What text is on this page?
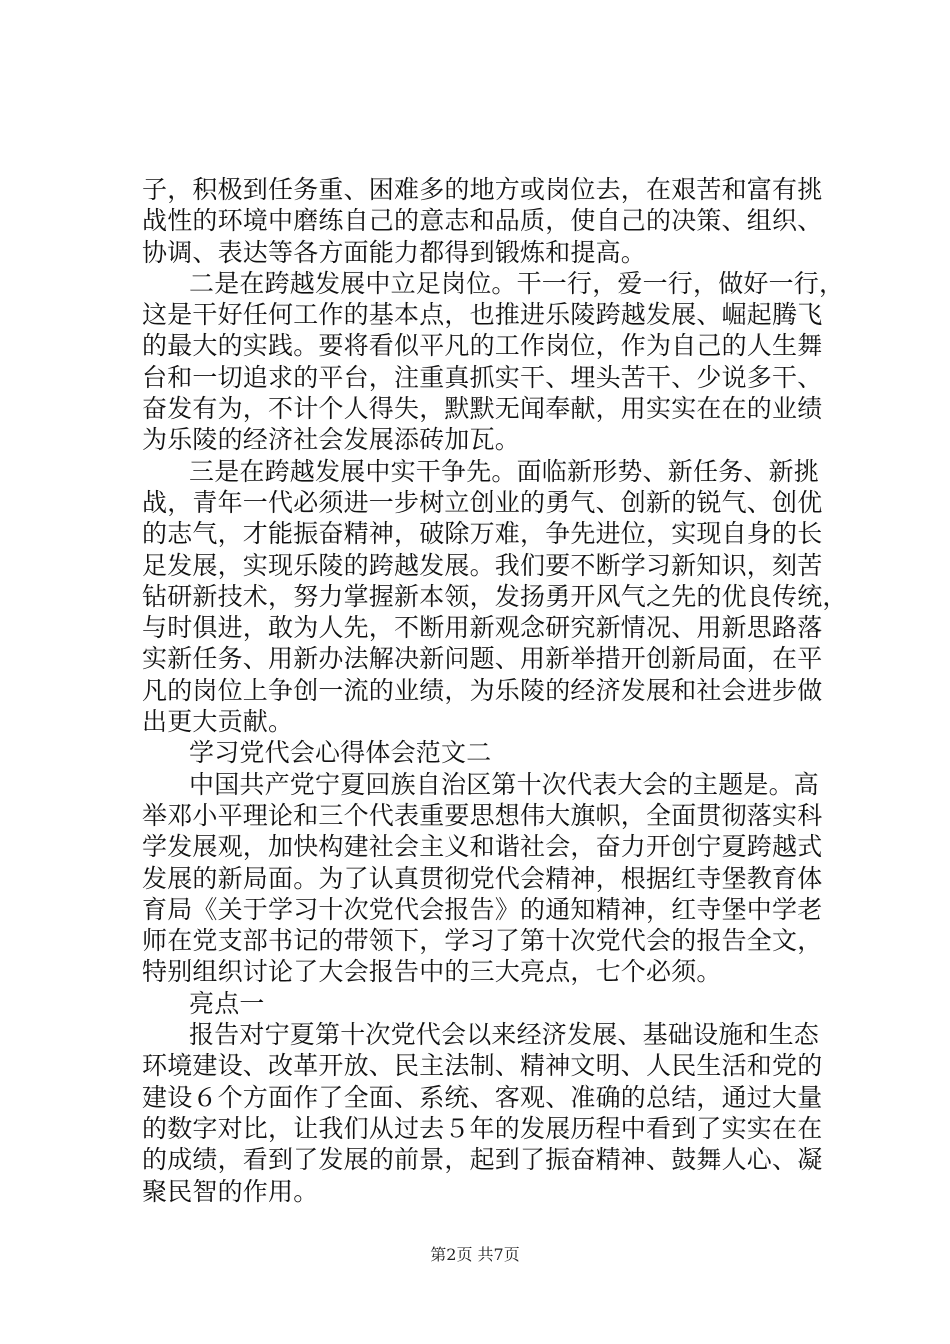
子，积极到任务重、困难多的地方或岗位去，在艰苦和富有挑
战性的环境中磨练自己的意志和品质，使自己的决策、组织、
协调、表达等各方面能力都得到锻炼和提高。
二是在跨越发展中立足岗位。干一行，爱一行，做好一行，
这是干好任何工作的基本点，也推进乐陵跨越发展、崛起腾飞
的最大的实践。要将看似平凡的工作岗位，作为自己的人生舞
台和一切追求的平台，注重真抓实干、埋头苦干、少说多干、
奋发有为，不计个人得失，默默无闻奉献，用实实在在的业绩
为乐陵的经济社会发展添砖加瓦。
三是在跨越发展中实干争先。面临新形势、新任务、新挑
战，青年一代必须进一步树立创业的勇气、创新的锐气、创优
的志气，才能振奋精神，破除万难，争先进位，实现自身的长
足发展，实现乐陵的跨越发展。我们要不断学习新知识，刻苦
钻研新技术，努力掌握新本领，发扬勇开风气之先的优良传统，
与时俱进，敢为人先，不断用新观念研究新情况、用新思路落
实新任务、用新办法解决新问题、用新举措开创新局面，在平
凡的岗位上争创一流的业绩，为乐陵的经济发展和社会进步做
出更大贡献。
学习党代会心得体会范文二
中国共产党宁夏回族自治区第十次代表大会的主题是。高
举邓小平理论和三个代表重要思想伟大旗帜，全面贯彻落实科
学发展观，加快构建社会主义和谐社会，奋力开创宁夏跨越式
发展的新局面。为了认真贯彻党代会精神，根据红寺堡教育体
育局《关于学习十次党代会报告》的通知精神，红寺堡中学老
师在党支部书记的带领下，学习了第十次党代会的报告全文，
特别组织讨论了大会报告中的三大亮点，七个必须。
亮点一
报告对宁夏第十次党代会以来经济发展、基础设施和生态
环境建设、改革开放、民主法制、精神文明、人民生活和党的
建设６个方面作了全面、系统、客观、准确的总结，通过大量
的数字对比，让我们从过去５年的发展历程中看到了实实在在
的成绩，看到了发展的前景，起到了振奋精神、鼓舞人心、凝
聚民智的作用。
第2页 共7页
